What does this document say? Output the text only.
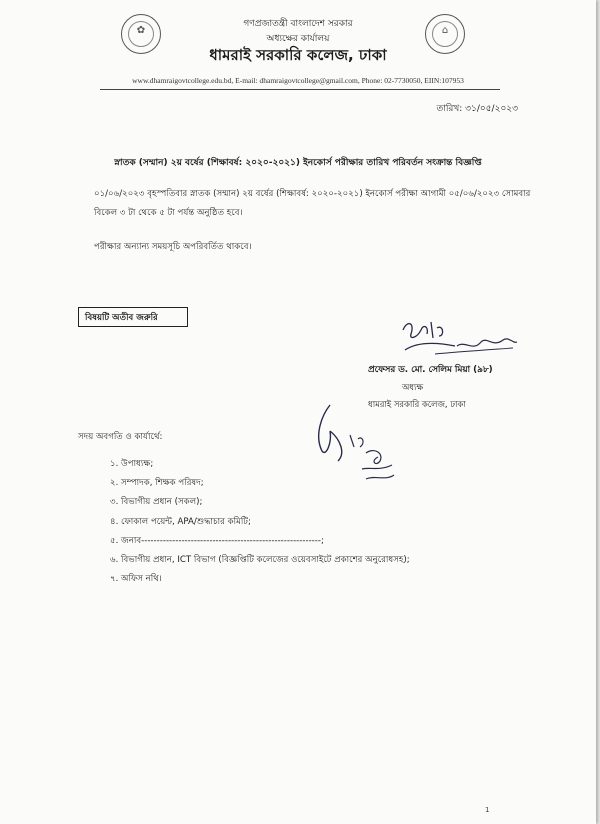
✿	⌂
গণপ্রজাতন্ত্রী বাংলাদেশ সরকার
অধ্যক্ষের কার্যালয়
ধামরাই সরকারি কলেজ, ঢাকা
www.dhamraigovtcollege.edu.bd, E-mail: dhamraigovtcollege@gmail.com, Phone: 02-7730050, EIIN:107953
তারিখ: ৩১/০৫/২০২৩
স্নাতক (সম্মান) ২য় বর্ষের (শিক্ষাবর্ষ: ২০২০-২০২১) ইনকোর্স পরীক্ষার তারিখ পরিবর্তন সংক্রান্ত বিজ্ঞপ্তি
০১/০৬/২০২৩ বৃহস্পতিবার স্নাতক (সম্মান) ২য় বর্ষের (শিক্ষাবর্ষ: ২০২০-২০২১) ইনকোর্স পরীক্ষা আগামী ০৫/০৬/২০২৩ সোমবার বিকেল ৩ টা থেকে ৫ টা পর্যন্ত অনুষ্ঠিত হবে।
পরীক্ষার অন্যান্য সময়সূচি অপরিবর্তিত থাকবে।
বিষয়টি অতীব জরুরি
প্রফেসর ড. মো. সেলিম মিয়া (৯৮)
অধ্যক্ষ
ধামরাই সরকারি কলেজ, ঢাকা
সদয় অবগতি ও কার্যার্থে:
১. উপাধ্যক্ষ;
২. সম্পাদক, শিক্ষক পরিষদ;
৩. বিভাগীয় প্রধান (সকল);
৪. ফোকাল পয়েন্ট, APA/শুদ্ধাচার কমিটি;
৫. জনাব----------------------------------------------------------;
৬. বিভাগীয় প্রধান, ICT বিভাগ (বিজ্ঞপ্তিটি কলেজের ওয়েবসাইটে প্রকাশের অনুরোধসহ);
৭. অফিস নথি।
1
